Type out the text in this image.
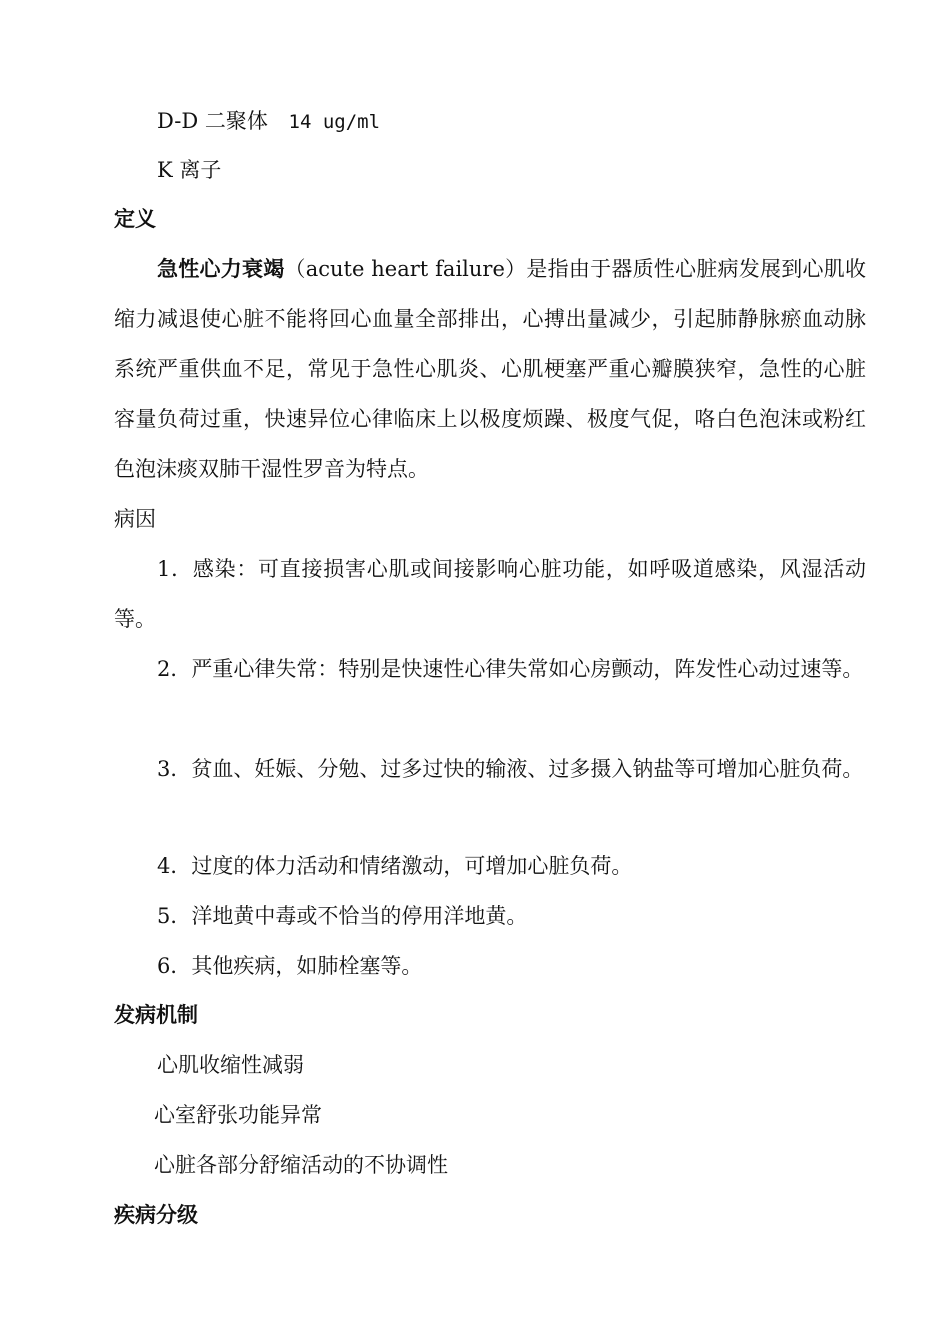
D-D 二聚体 14 ug/ml
K 离子
定义
急性心力衰竭（acute heart failure）是指由于器质性心脏病发展到心肌收缩力减退使心脏不能将回心血量全部排出，心搏出量减少，引起肺静脉瘀血动脉系统严重供血不足，常见于急性心肌炎、心肌梗塞严重心瓣膜狭窄，急性的心脏容量负荷过重，快速异位心律临床上以极度烦躁、极度气促，咯白色泡沫或粉红色泡沫痰双肺干湿性罗音为特点。
病因
1．感染：可直接损害心肌或间接影响心脏功能，如呼吸道感染，风湿活动等。
2．严重心律失常：特别是快速性心律失常如心房颤动，阵发性心动过速等。
3．贫血、妊娠、分勉、过多过快的输液、过多摄入钠盐等可增加心脏负荷。
4．过度的体力活动和情绪激动，可增加心脏负荷。
5．洋地黄中毒或不恰当的停用洋地黄。
6．其他疾病，如肺栓塞等。
发病机制
心肌收缩性减弱
心室舒张功能异常
心脏各部分舒缩活动的不协调性
疾病分级
